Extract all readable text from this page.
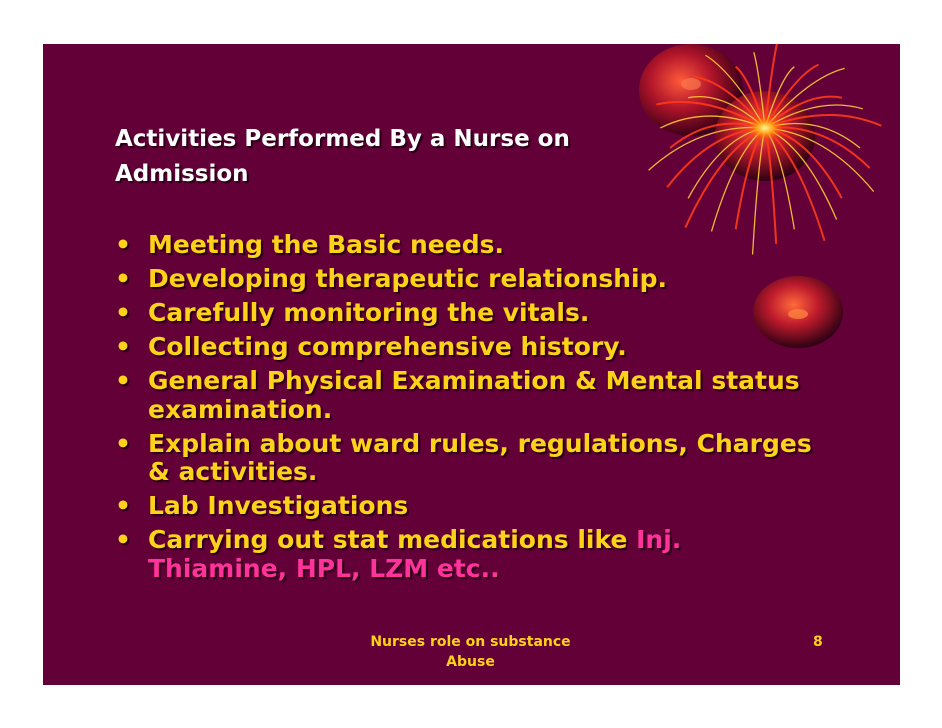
Activities Performed By a Nurse on
Admission
• Meeting the Basic needs.
• Developing therapeutic relationship.
• Carefully monitoring the vitals.
• Collecting comprehensive history.
• General Physical Examination & Mental status examination.
• Explain about ward rules, regulations, Charges & activities.
• Lab Investigations
• Carrying out stat medications like Inj. Thiamine, HPL, LZM etc..
Nurses role on substance
Abuse
8
